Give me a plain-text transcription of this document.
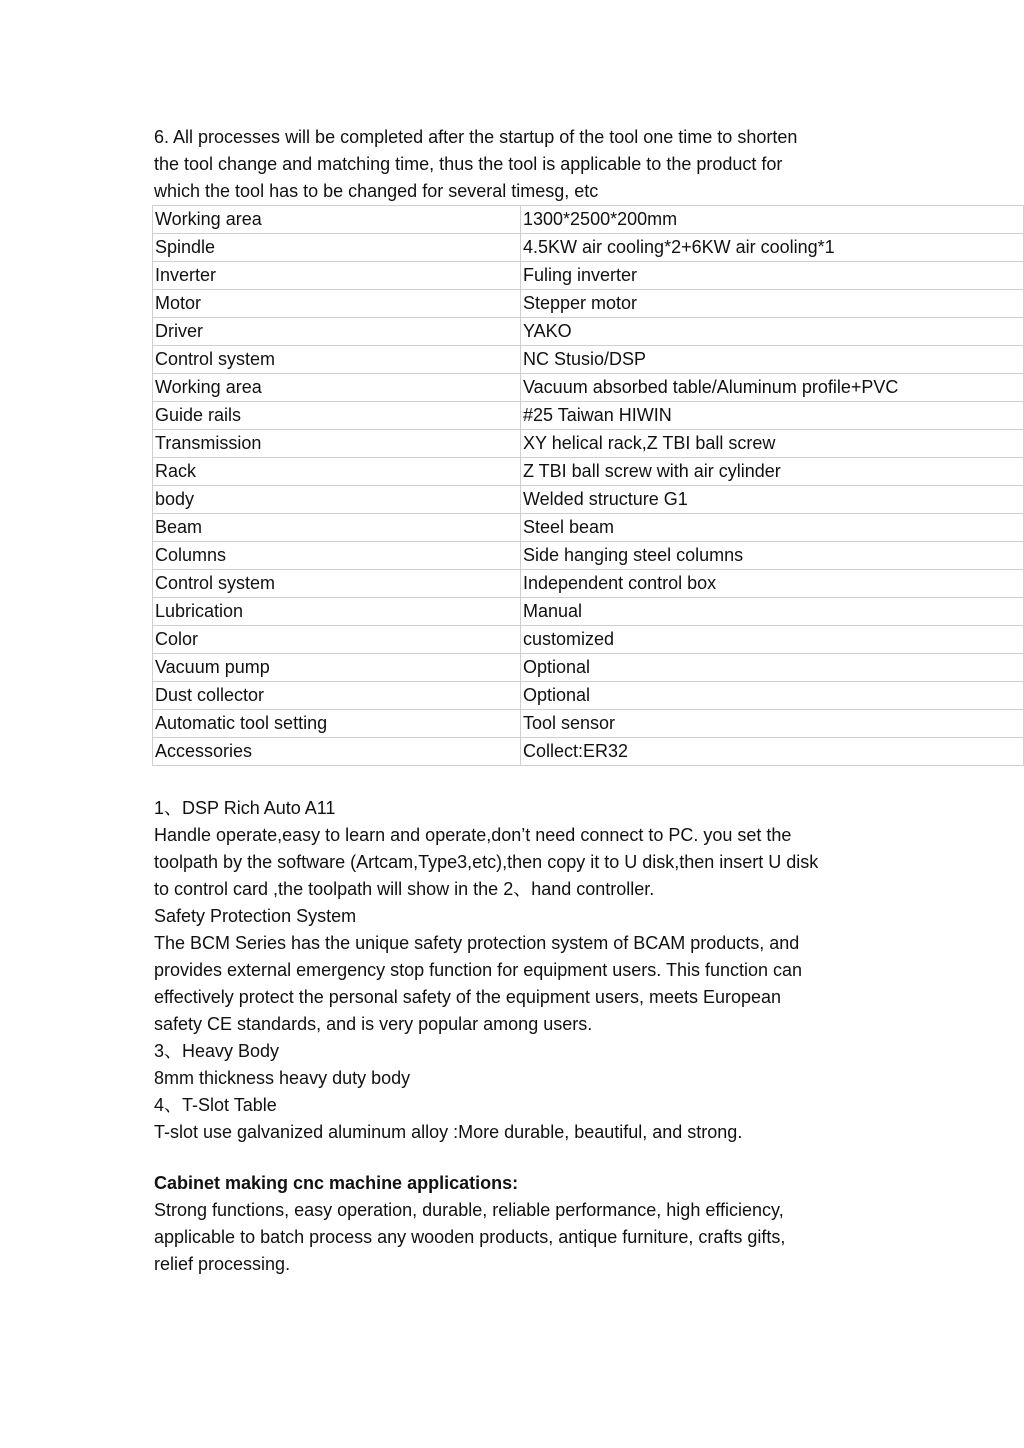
6. All processes will be completed after the startup of the tool one time to shorten

the tool change and matching time, thus the tool is applicable to the product for

which the tool has to be changed for several timesg, etc

Working area	1300*2500*200mm
Spindle	4.5KW air cooling*2+6KW air cooling*1
Inverter	Fuling inverter
Motor	Stepper motor
Driver	YAKO
Control system	NC Stusio/DSP
Working area	Vacuum absorbed table/Aluminum profile+PVC
Guide rails	#25 Taiwan HIWIN
Transmission	XY helical rack,Z TBI ball screw
Rack	Z TBI ball screw with air cylinder
body	Welded structure G1
Beam	Steel beam
Columns	Side hanging steel columns
Control system	Independent control box
Lubrication	Manual
Color	customized
Vacuum pump	Optional
Dust collector	Optional
Automatic tool setting	Tool sensor
Accessories	Collect:ER32

1、DSP Rich Auto A11

Handle operate,easy to learn and operate,don’t need connect to PC. you set the

toolpath by the software (Artcam,Type3,etc),then copy it to U disk,then insert U disk

to control card ,the toolpath will show in the 2、hand controller.

Safety Protection System

The BCM Series has the unique safety protection system of BCAM products, and

provides external emergency stop function for equipment users. This function can

effectively protect the personal safety of the equipment users, meets European

safety CE standards, and is very popular among users.

3、Heavy Body

8mm thickness heavy duty body

4、T-Slot Table

T-slot use galvanized aluminum alloy :More durable, beautiful, and strong.

Cabinet making cnc machine applications:

Strong functions, easy operation, durable, reliable performance, high efficiency,

applicable to batch process any wooden products, antique furniture, crafts gifts,

relief processing.
